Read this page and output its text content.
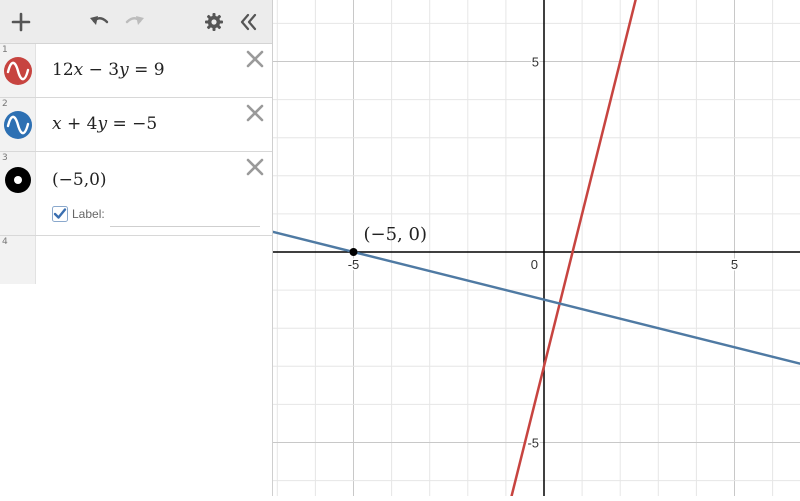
1
12x − 3y = 9
2
x + 4y = −5
3
(−5,0)
Label:
4
-5	0	5
5
-5
(−5, 0)
